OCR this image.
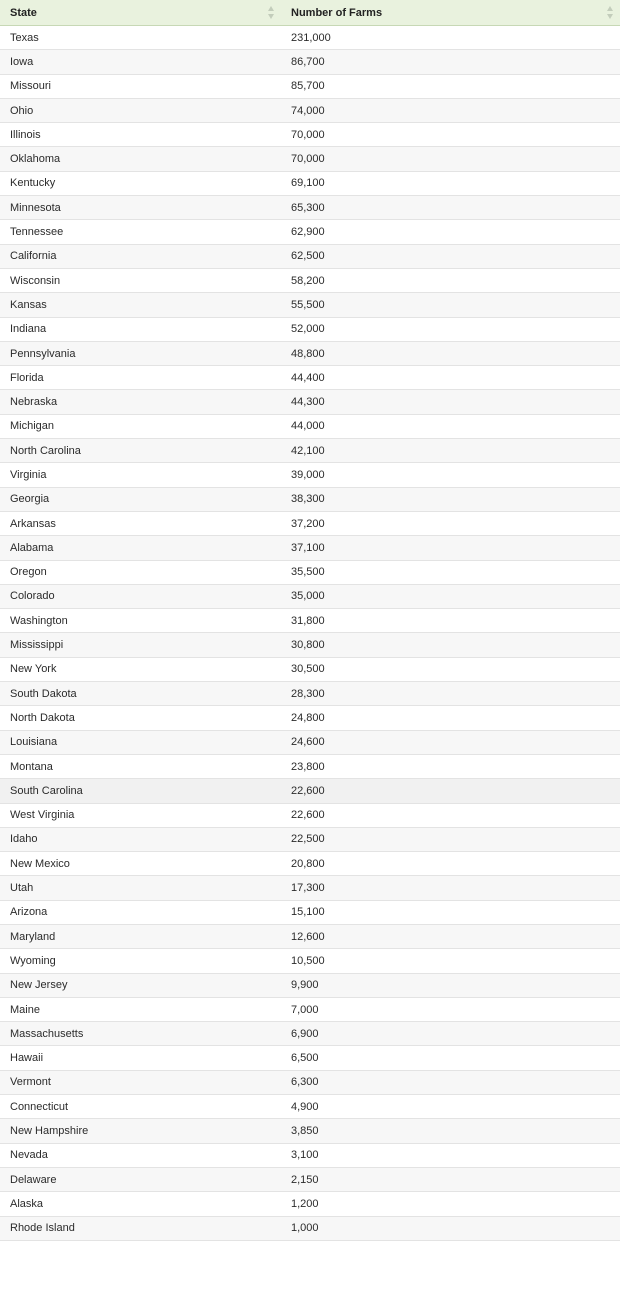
State	Number of Farms
Texas	231,000
Iowa	86,700
Missouri	85,700
Ohio	74,000
Illinois	70,000
Oklahoma	70,000
Kentucky	69,100
Minnesota	65,300
Tennessee	62,900
California	62,500
Wisconsin	58,200
Kansas	55,500
Indiana	52,000
Pennsylvania	48,800
Florida	44,400
Nebraska	44,300
Michigan	44,000
North Carolina	42,100
Virginia	39,000
Georgia	38,300
Arkansas	37,200
Alabama	37,100
Oregon	35,500
Colorado	35,000
Washington	31,800
Mississippi	30,800
New York	30,500
South Dakota	28,300
North Dakota	24,800
Louisiana	24,600
Montana	23,800
South Carolina	22,600
West Virginia	22,600
Idaho	22,500
New Mexico	20,800
Utah	17,300
Arizona	15,100
Maryland	12,600
Wyoming	10,500
New Jersey	9,900
Maine	7,000
Massachusetts	6,900
Hawaii	6,500
Vermont	6,300
Connecticut	4,900
New Hampshire	3,850
Nevada	3,100
Delaware	2,150
Alaska	1,200
Rhode Island	1,000
